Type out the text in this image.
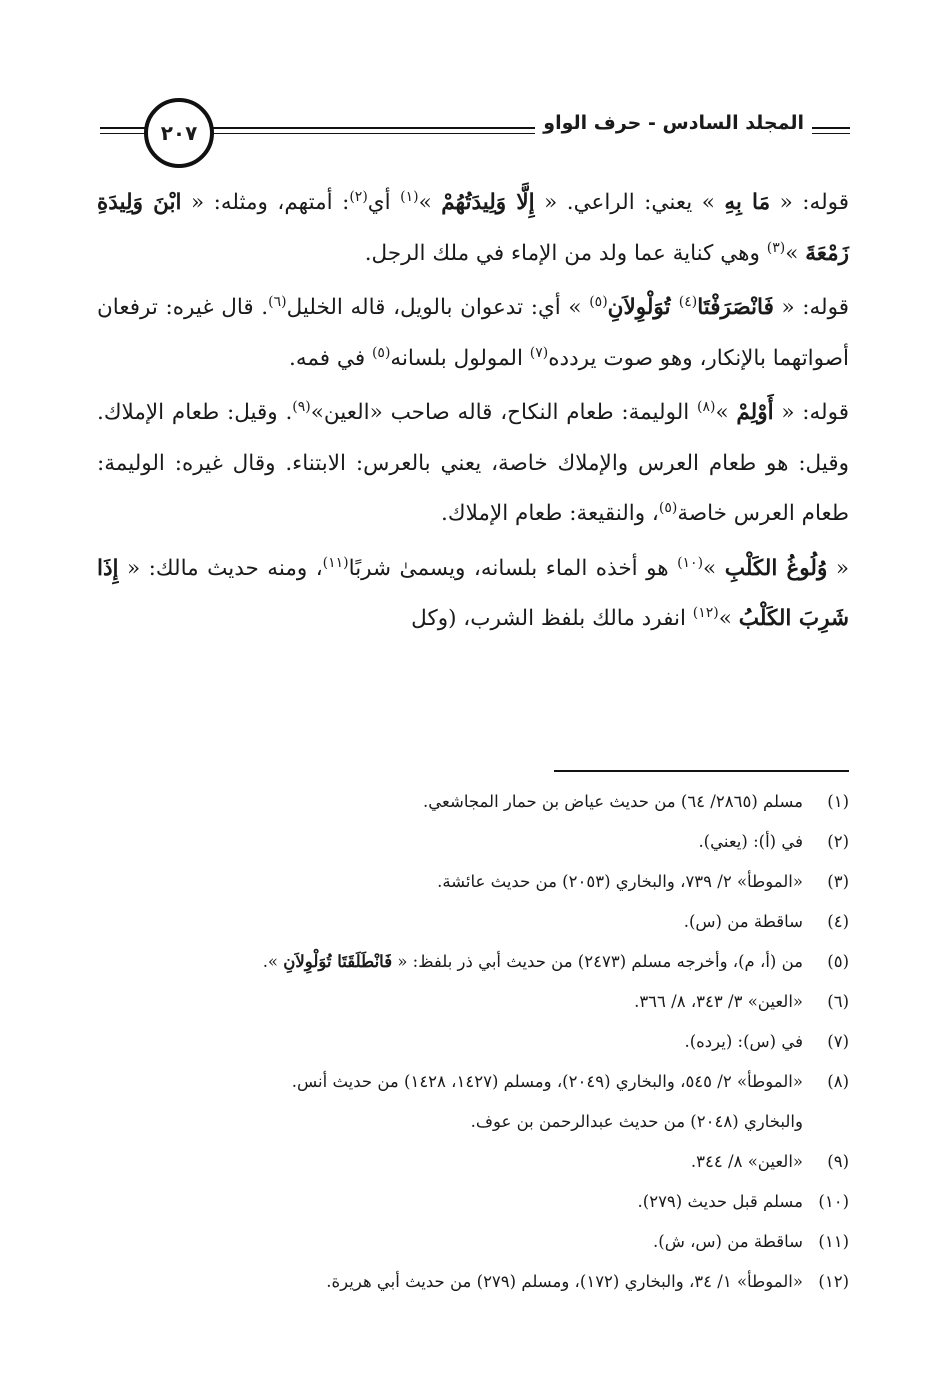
المجلد السادس - حرف الواو
٢٠٧

قوله: « مَا بِهِ » يعني: الراعي. « إِلَّا وَلِيدَتُهُمْ »$^{(١)}$ أي$^{(٢)}$: أمتهم، ومثله: « ابْنَ وَلِيدَةِ زَمْعَةَ »$^{(٣)}$ وهي كناية عما ولد من الإماء في ملك الرجل.

قوله: « فَانْصَرَفْتَا$^{(٤)}$ تُوَلْوِلاَنِ$^{(٥)}$ » أي: تدعوان بالويل، قاله الخليل$^{(٦)}$. قال غيره: ترفعان أصواتهما بالإنكار، وهو صوت يردده$^{(٧)}$ المولول بلسانه$^{(٥)}$ في فمه.

قوله: « أَوْلِمْ »$^{(٨)}$ الوليمة: طعام النكاح، قاله صاحب «العين»$^{(٩)}$. وقيل: طعام الإملاك. وقيل: هو طعام العرس والإملاك خاصة، يعني بالعرس: الابتناء. وقال غيره: الوليمة: طعام العرس خاصة$^{(٥)}$، والنقيعة: طعام الإملاك.

« وُلُوغُ الكَلْبِ »$^{(١٠)}$ هو أخذه الماء بلسانه، ويسمىٰ شربًا$^{(١١)}$، ومنه حديث مالك: « إِذَا شَرِبَ الكَلْبُ »$^{(١٢)}$ انفرد مالك بلفظ الشرب، (وكل

(١)
مسلم (٢٨٦٥/ ٦٤) من حديث عياض بن حمار المجاشعي.

(٢)
في (أ): (يعني).

(٣)
«الموطأ» ٢/ ٧٣٩، والبخاري (٢٠٥٣) من حديث عائشة.

(٤)
ساقطة من (س).

(٥)
من (أ، م)، وأخرجه مسلم (٢٤٧٣) من حديث أبي ذر بلفظ: « فَانْطَلَقَتَا تُوَلْوِلاَنِ ».

(٦)
«العين» ٣/ ٣٤٣، ٨/ ٣٦٦.

(٧)
في (س): (يرده).

(٨)
«الموطأ» ٢/ ٥٤٥، والبخاري (٢٠٤٩)، ومسلم (١٤٢٧، ١٤٢٨) من حديث أنس.

والبخاري (٢٠٤٨) من حديث عبدالرحمن بن عوف.

(٩)
«العين» ٨/ ٣٤٤.

(١٠)
مسلم قبل حديث (٢٧٩).

(١١)
ساقطة من (س، ش).

(١٢)
«الموطأ» ١/ ٣٤، والبخاري (١٧٢)، ومسلم (٢٧٩) من حديث أبي هريرة.
